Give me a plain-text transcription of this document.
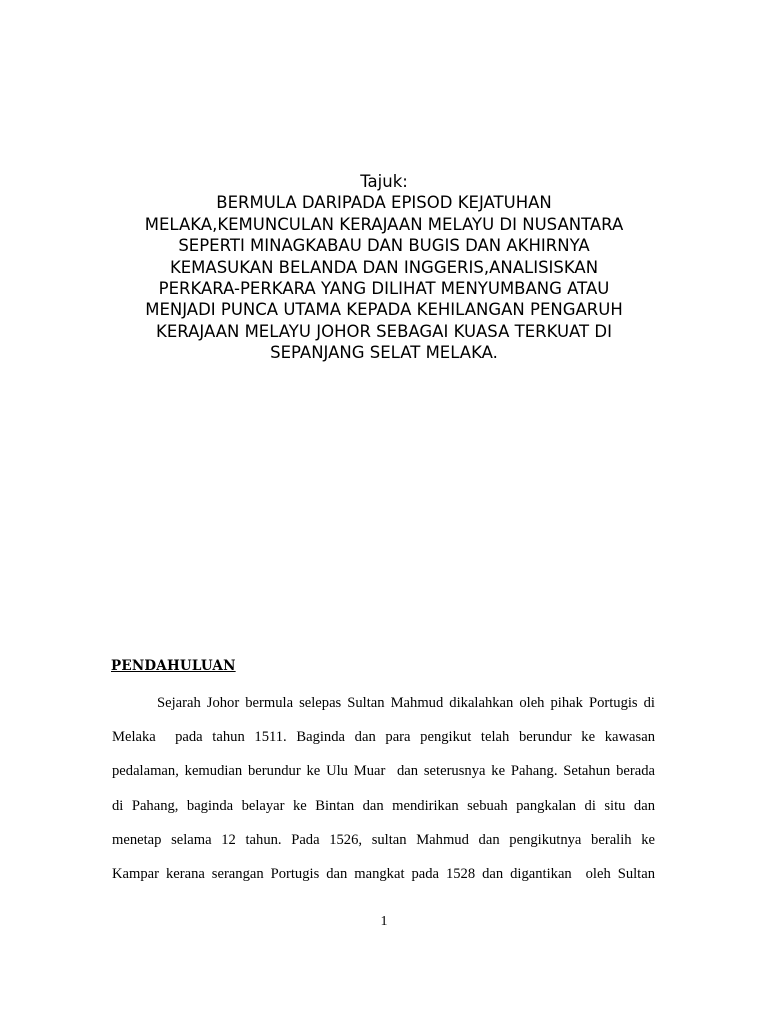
Tajuk:
BERMULA DARIPADA EPISOD KEJATUHAN
MELAKA,KEMUNCULAN KERAJAAN MELAYU DI NUSANTARA
SEPERTI MINAGKABAU DAN BUGIS DAN AKHIRNYA
KEMASUKAN BELANDA DAN INGGERIS,ANALISISKAN
PERKARA-PERKARA YANG DILIHAT MENYUMBANG ATAU
MENJADI PUNCA UTAMA KEPADA KEHILANGAN PENGARUH
KERAJAAN MELAYU JOHOR SEBAGAI KUASA TERKUAT DI
SEPANJANG SELAT MELAKA.
PENDAHULUAN
Sejarah Johor bermula selepas Sultan Mahmud dikalahkan oleh pihak Portugis di
Melaka  pada tahun 1511. Baginda dan para pengikut telah berundur ke kawasan
pedalaman, kemudian berundur ke Ulu Muar  dan seterusnya ke Pahang. Setahun berada
di Pahang, baginda belayar ke Bintan dan mendirikan sebuah pangkalan di situ dan
menetap selama 12 tahun. Pada 1526, sultan Mahmud dan pengikutnya beralih ke
Kampar kerana serangan Portugis dan mangkat pada 1528 dan digantikan  oleh Sultan
1
